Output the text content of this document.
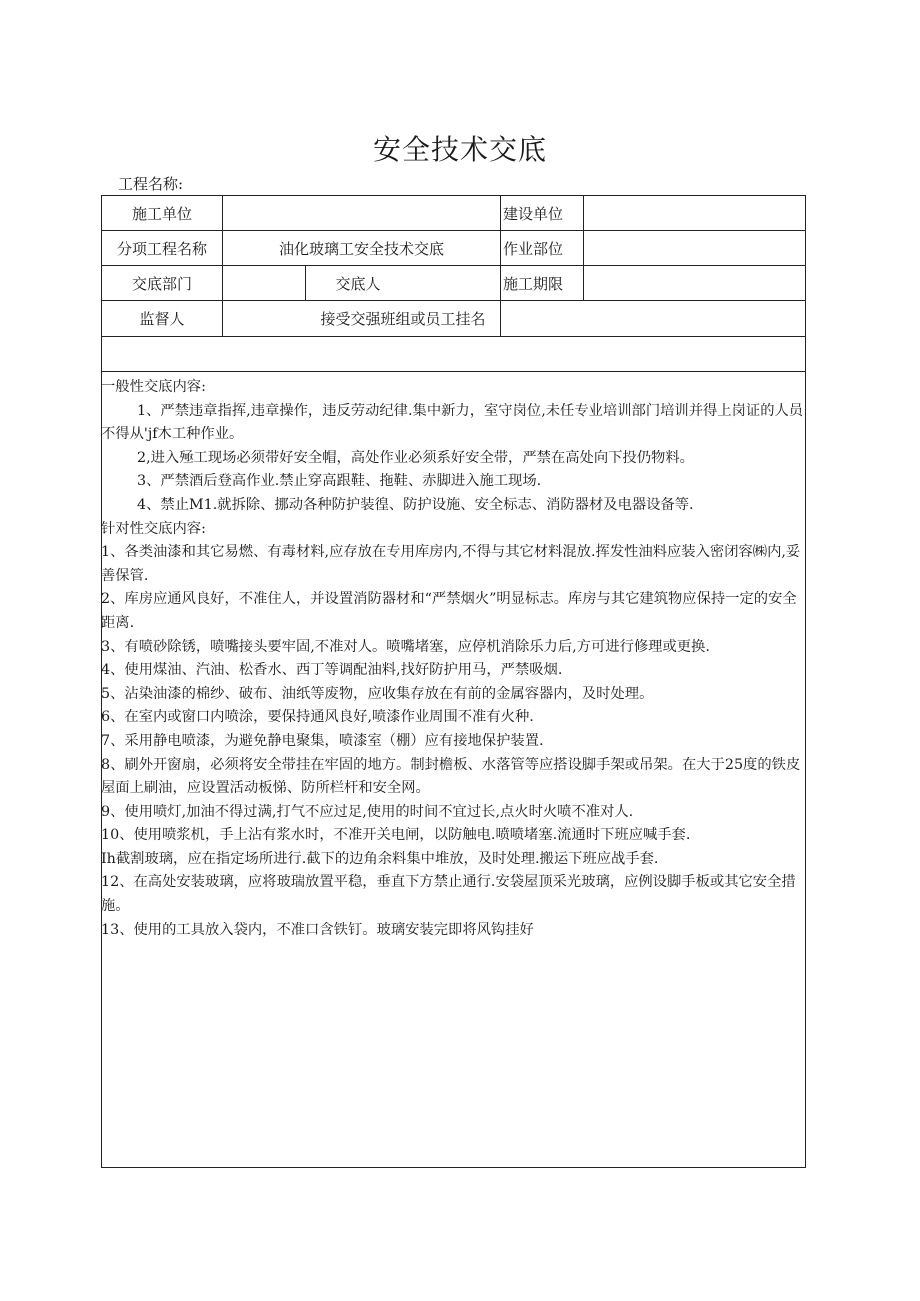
安全技术交底
工程名称:
施工单位	建设单位
分项工程名称	油化玻璃工安全技术交底	作业部位
交底部门	交底人	施工期限
监督人	接受交强班组或员工挂名

一般性交底内容:

1、严禁违章指挥,违章操作，违反劳动纪律.集中新力，室守岗位,未任专业培训部门培训并得上岗证的人员不得从'jf木工种作业。

2,进入殛工现场必须带好安全帽，高处作业必须系好安全带，严禁在高处向下投仍物料。

3、严禁酒后登高作业.禁止穿高跟鞋、拖鞋、赤脚进入施工现场.

4、禁止M1.就拆除、挪动各种防护装徨、防护设施、安全标志、消防器材及电器设备等.

针对性交底内容:

1、各类油漆和其它易燃、有毒材料,应存放在专用库房内,不得与其它材料混放.挥发性油料应装入密闭容㈱内,妥善保管.

2、库房应通风良好，不准住人，并设置消防器材和“严禁烟火”明显标志。库房与其它建筑物应保持一定的安全距离.

3、有喷砂除锈，喷嘴接头要牢固,不准对人。喷嘴堵塞，应停机消除乐力后,方可进行修理或更换.

4、使用煤油、汽油、松香水、西丁等调配油料,找好防护用马，严禁吸烟.

5、沾染油漆的棉纱、破布、油纸等废物，应收集存放在有前的金属容器内，及时处理。

6、在室内或窗口内喷涂，要保持通风良好,喷漆作业周围不准有火种.

7、采用静电喷漆，为避免静电聚集，喷漆室（棚）应有接地保护装置.

8、刷外开窗扇，必须将安全带挂在牢固的地方。制封檐板、水落管等应搭设脚手架或吊架。在大于25度的铁皮屋面上刷油，应设置活动板悌、防所栏杆和安全网。

9、使用喷灯,加油不得过满,打气不应过足,使用的时间不宜过长,点火时火喷不准对人.

10、使用喷浆机，手上沾有浆水时，不准开关电闸，以防触电.喷喷堵塞.流通时下班应喊手套.

Ih截割玻璃，应在指定场所进行.截下的边角余料集中堆放，及时处理.搬运下班应战手套.

12、在高处安装玻璃，应将玻瑞放置平稳，垂直下方禁止通行.安袋屋顶采光玻璃，应例设脚手板或其它安全措施。

13、使用的工具放入袋内，不准口含铁钉。玻璃安装完即将风钩挂好
